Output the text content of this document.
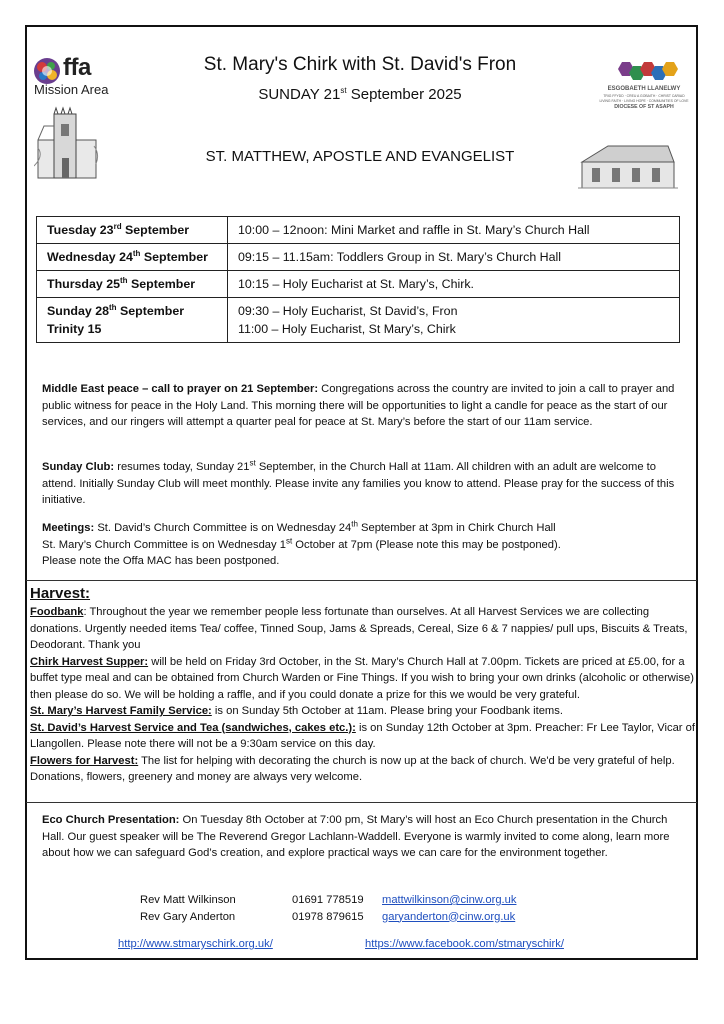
ffa
Mission Area
St. Mary's Chirk with St. David's Fron
SUNDAY 21st September 2025	ESGOBAETH LLANELWY
TRIG FFYDD · CREU A GOBAITH · CHRIST CARIAD
LIVING FAITH · LIVING HOPE · COMMUNITIES OF LOVE
DIOCESE OF ST ASAPH
ST. MATTHEW, APOSTLE AND EVANGELIST
Tuesday 23rd September	10:00 – 12noon: Mini Market and raffle in St. Mary’s Church Hall
Wednesday 24th September	09:15 – 11.15am: Toddlers Group in St. Mary’s Church Hall
Thursday 25th September	10:15 – Holy Eucharist at St. Mary’s, Chirk.
Sunday 28th September
Trinity 15	09:30 – Holy Eucharist, St David’s, Fron
11:00 – Holy Eucharist, St Mary’s, Chirk
Middle East peace – call to prayer on 21 September: Congregations across the country are invited to join a call to prayer and public witness for peace in the Holy Land. This morning there will be opportunities to light a candle for peace as the start of our services, and our ringers will attempt a quarter peal for peace at St. Mary’s before the start of our 11am service.
Sunday Club: resumes today, Sunday 21st September, in the Church Hall at 11am. All children with an adult are welcome to attend. Initially Sunday Club will meet monthly. Please invite any families you know to attend. Please pray for the success of this initiative.
Meetings: St. David’s Church Committee is on Wednesday 24th September at 3pm in Chirk Church Hall
St. Mary’s Church Committee is on Wednesday 1st October at 7pm (Please note this may be postponed).
Please note the Offa MAC has been postponed.
Harvest:
Foodbank: Throughout the year we remember people less fortunate than ourselves. At all Harvest Services we are collecting donations. Urgently needed items Tea/ coffee, Tinned Soup, Jams & Spreads, Cereal, Size 6 & 7 nappies/ pull ups, Biscuits & Treats, Deodorant. Thank you
Chirk Harvest Supper: will be held on Friday 3rd October, in the St. Mary’s Church Hall at 7.00pm. Tickets are priced at £5.00, for a buffet type meal and can be obtained from Church Warden or Fine Things. If you wish to bring your own drinks (alcoholic or otherwise) then please do so. We will be holding a raffle, and if you could donate a prize for this we would be very grateful.
St. Mary’s Harvest Family Service: is on Sunday 5th October at 11am. Please bring your Foodbank items.
St. David’s Harvest Service and Tea (sandwiches, cakes etc.): is on Sunday 12th October at 3pm. Preacher: Fr Lee Taylor, Vicar of Llangollen. Please note there will not be a 9:30am service on this day.
Flowers for Harvest: The list for helping with decorating the church is now up at the back of church. We'd be very grateful of help. Donations, flowers, greenery and money are always very welcome.
Eco Church Presentation: On Tuesday 8th October at 7:00 pm, St Mary’s will host an Eco Church presentation in the Church Hall. Our guest speaker will be The Reverend Gregor Lachlann-Waddell. Everyone is warmly invited to come along, learn more about how we can safeguard God’s creation, and explore practical ways we can care for the environment together.
Rev Matt Wilkinson	01691 778519	mattwilkinson@cinw.org.uk
Rev Gary Anderton	01978 879615	garyanderton@cinw.org.uk
http://www.stmaryschirk.org.uk/	https://www.facebook.com/stmaryschirk/
